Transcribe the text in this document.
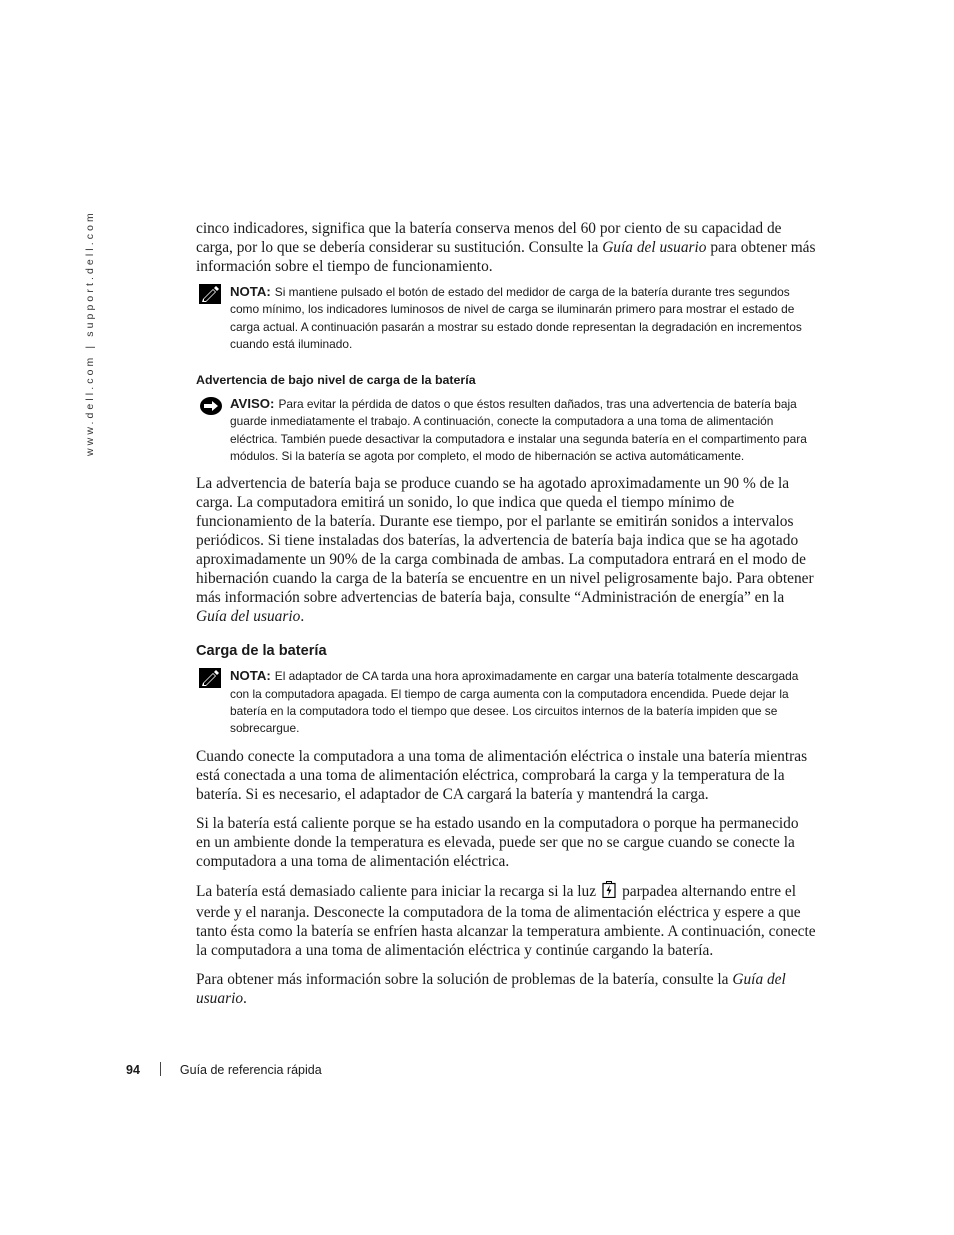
www.dell.com | support.dell.com	cinco indicadores, significa que la batería conserva menos del 60 por ciento de su capacidad de carga, por lo que se debería considerar su sustitución. Consulte la Guía del usuario para obtener más información sobre el tiempo de funcionamiento.

NOTA: Si mantiene pulsado el botón de estado del medidor de carga de la batería durante tres segundos como mínimo, los indicadores luminosos de nivel de carga se iluminarán primero para mostrar el estado de carga actual. A continuación pasarán a mostrar su estado donde representan la degradación en incrementos cuando está iluminado.
Advertencia de bajo nivel de carga de la batería
AVISO: Para evitar la pérdida de datos o que éstos resulten dañados, tras una advertencia de batería baja guarde inmediatamente el trabajo. A continuación, conecte la computadora a una toma de alimentación eléctrica. También puede desactivar la computadora e instalar una segunda batería en el compartimento para módulos. Si la batería se agota por completo, el modo de hibernación se activa automáticamente.

La advertencia de batería baja se produce cuando se ha agotado aproximadamente un 90 % de la carga. La computadora emitirá un sonido, lo que indica que queda el tiempo mínimo de funcionamiento de la batería. Durante ese tiempo, por el parlante se emitirán sonidos a intervalos periódicos. Si tiene instaladas dos baterías, la advertencia de batería baja indica que se ha agotado aproximadamente un 90% de la carga combinada de ambas. La computadora entrará en el modo de hibernación cuando la carga de la batería se encuentre en un nivel peligrosamente bajo. Para obtener más información sobre advertencias de batería baja, consulte “Administración de energía” en la Guía del usuario.

Carga de la batería
NOTA: El adaptador de CA tarda una hora aproximadamente en cargar una batería totalmente descargada con la computadora apagada. El tiempo de carga aumenta con la computadora encendida. Puede dejar la batería en la computadora todo el tiempo que desee. Los circuitos internos de la batería impiden que se sobrecargue.

Cuando conecte la computadora a una toma de alimentación eléctrica o instale una batería mientras está conectada a una toma de alimentación eléctrica, comprobará la carga y la temperatura de la batería. Si es necesario, el adaptador de CA cargará la batería y mantendrá la carga.

Si la batería está caliente porque se ha estado usando en la computadora o porque ha permanecido en un ambiente donde la temperatura es elevada, puede ser que no se cargue cuando se conecte la computadora a una toma de alimentación eléctrica.

La batería está demasiado caliente para iniciar la recarga si la luz parpadea alternando entre el verde y el naranja. Desconecte la computadora de la toma de alimentación eléctrica y espere a que tanto ésta como la batería se enfríen hasta alcanzar la temperatura ambiente. A continuación, conecte la computadora a una toma de alimentación eléctrica y continúe cargando la batería.

Para obtener más información sobre la solución de problemas de la batería, consulte la Guía del usuario.

94	Guía de referencia rápida
